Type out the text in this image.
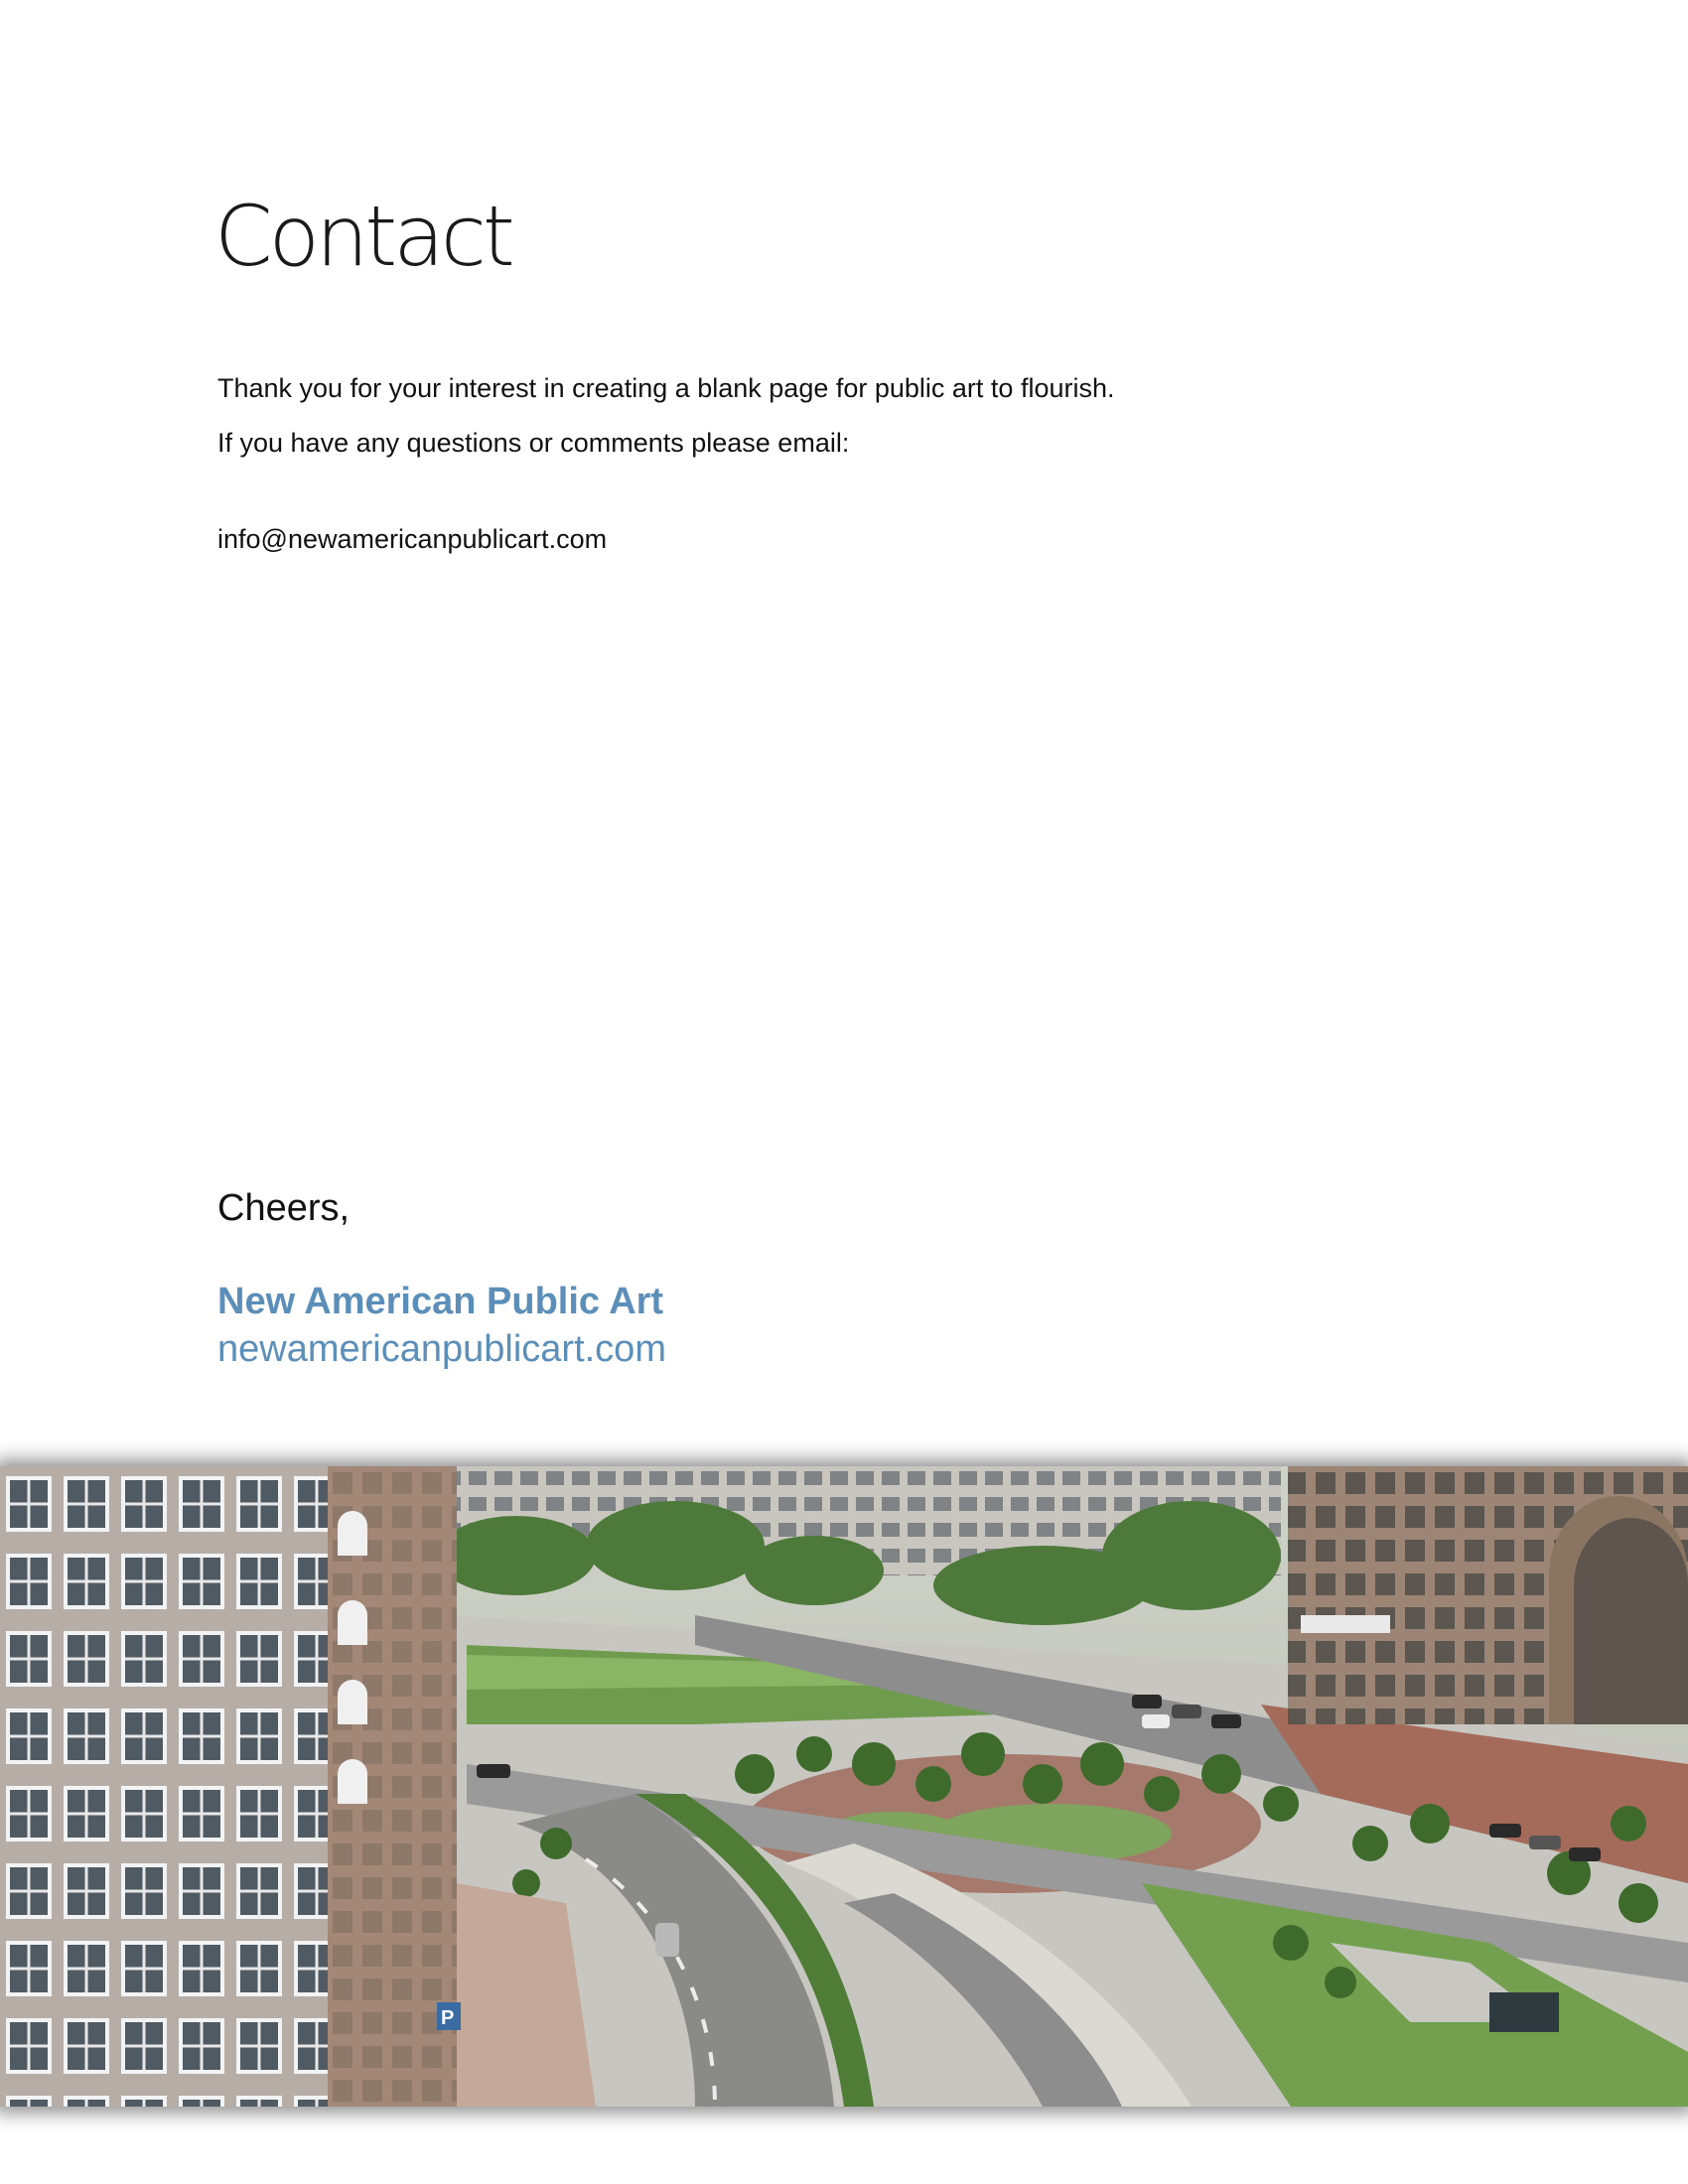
Contact

Thank you for your interest in creating a blank page for public art to flourish.

If you have any questions or comments please email:

info@newamericanpublicart.com
Cheers,
New American Public Art
newamericanpublicart.com
P
